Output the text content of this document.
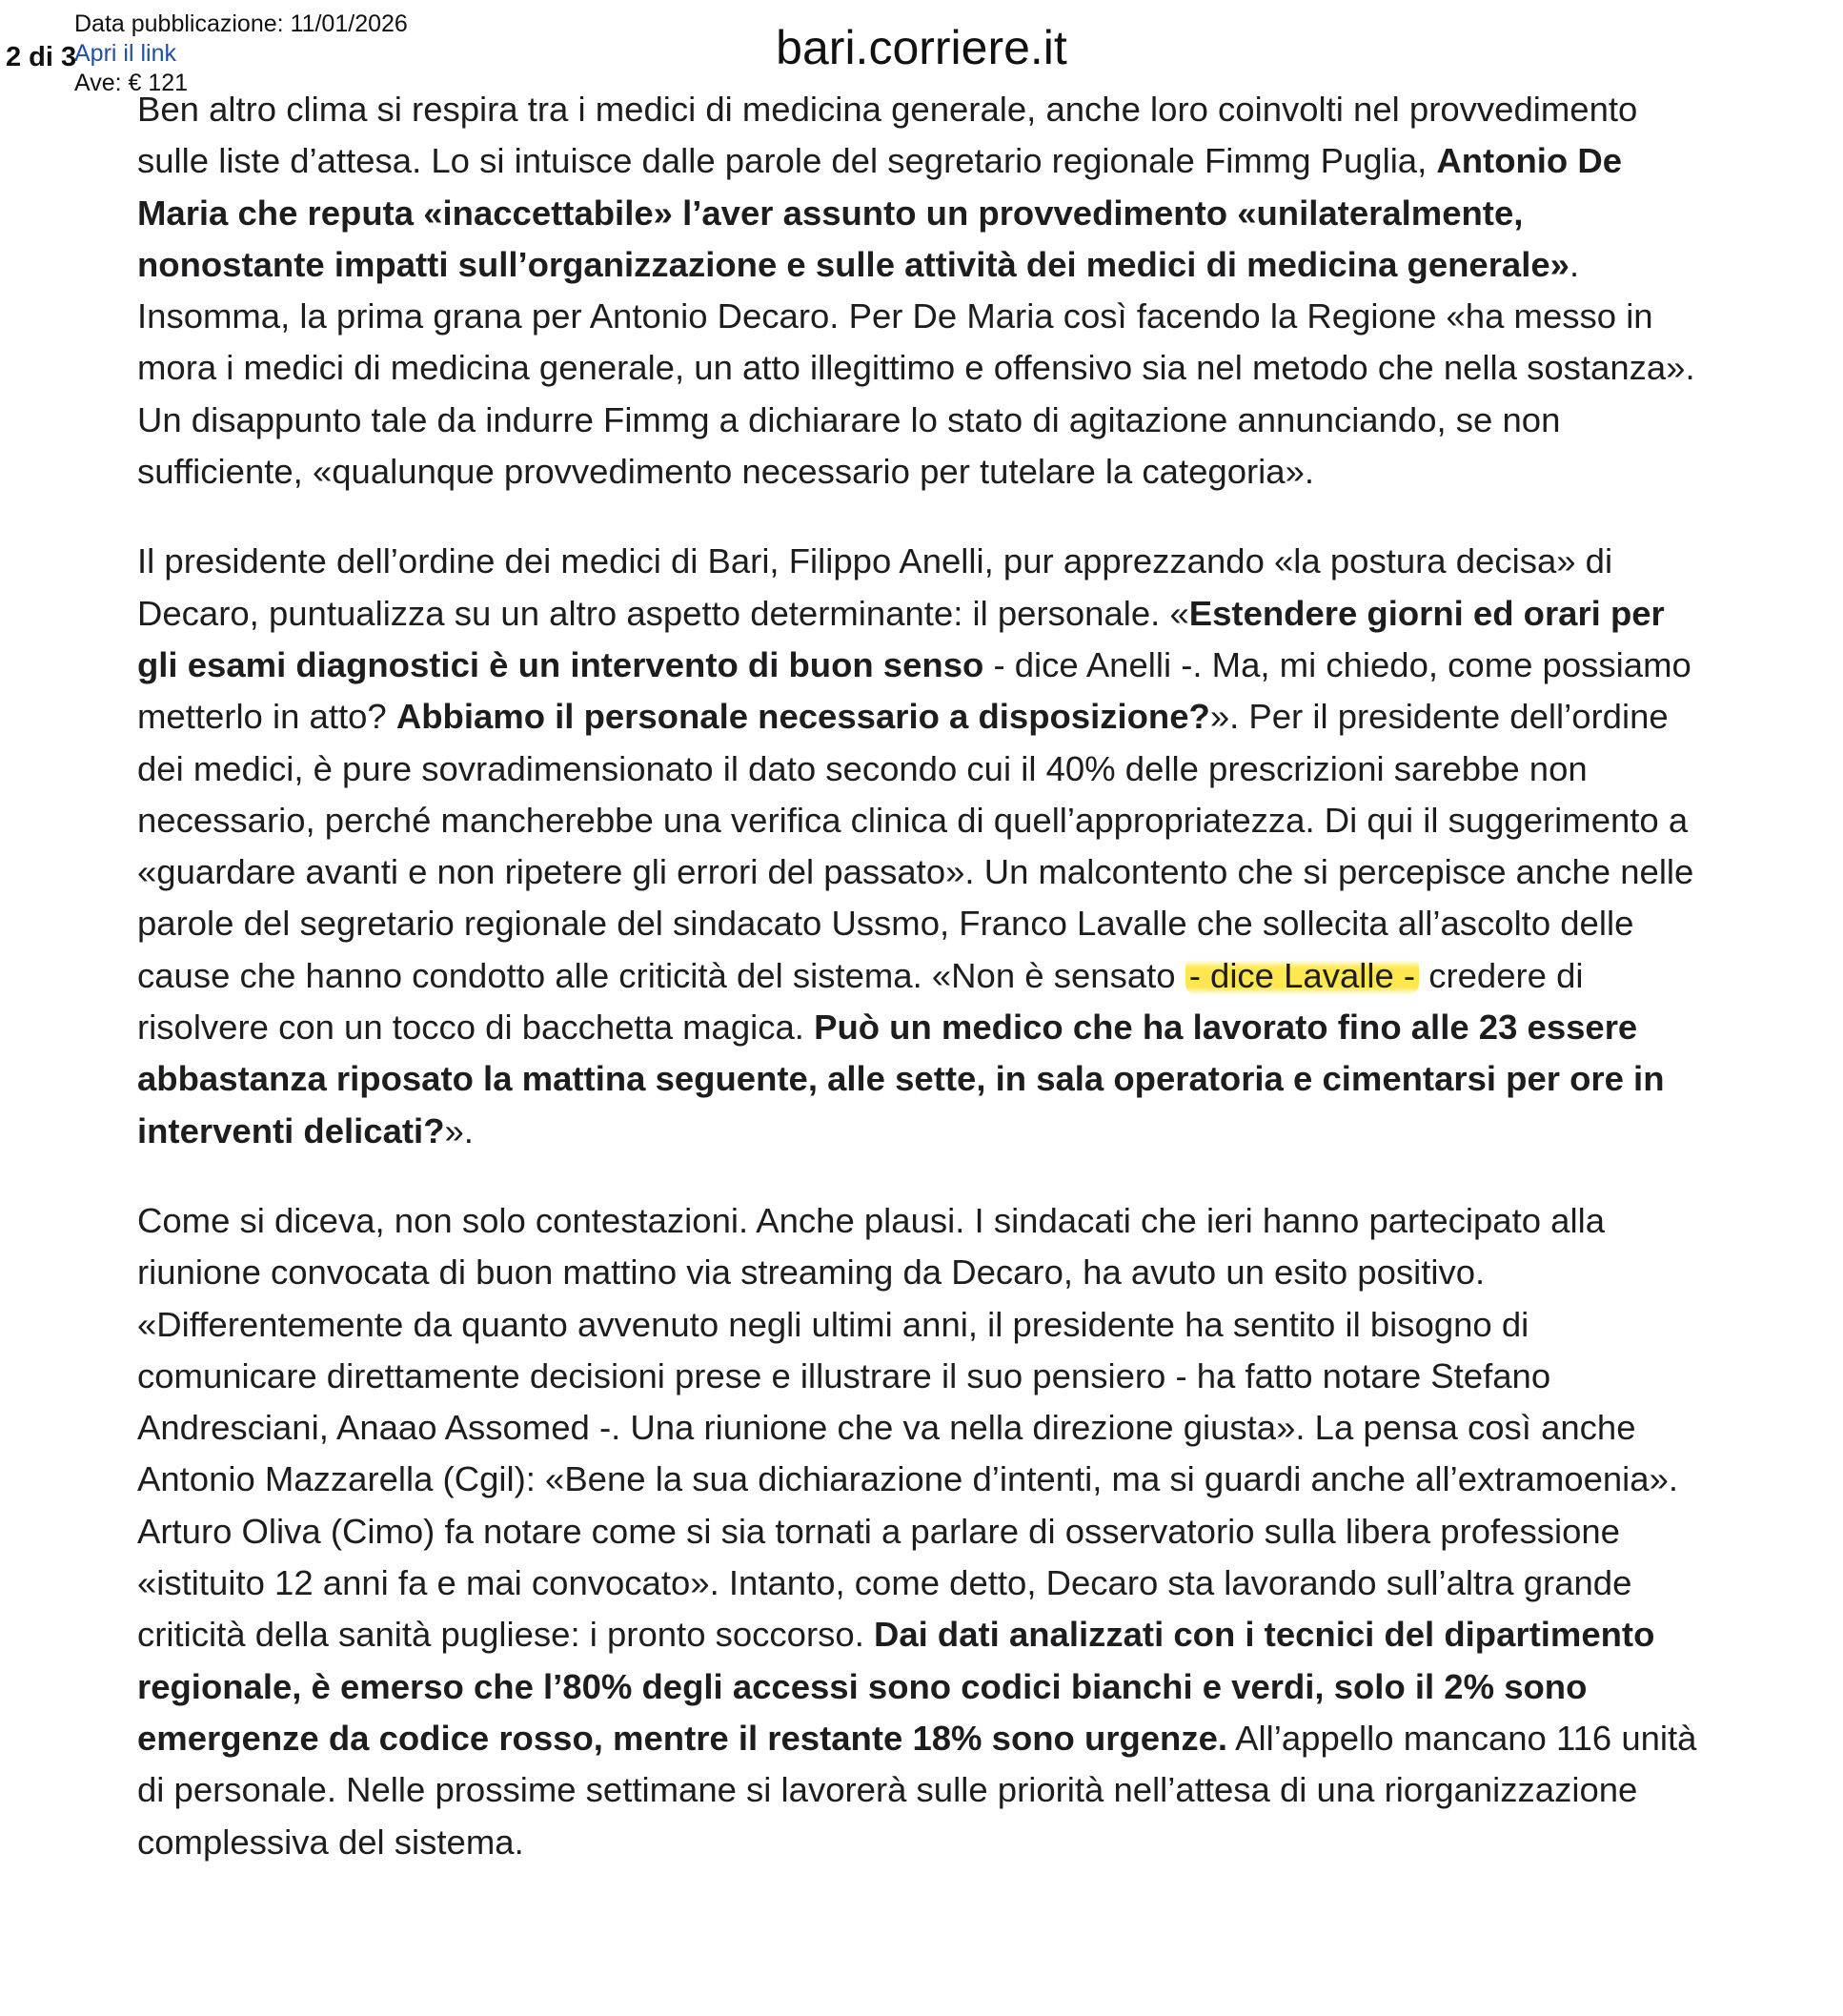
Data pubblicazione: 11/01/2026
Apri il link
Ave: € 121
2 di 3	bari.corriere.it

Ben altro clima si respira tra i medici di medicina generale, anche loro coinvolti nel provvedimento sulle liste d’attesa. Lo si intuisce dalle parole del segretario regionale Fimmg Puglia, Antonio De Maria che reputa «inaccettabile» l’aver assunto un provvedimento «unilateralmente, nonostante impatti sull’organizzazione e sulle attività dei medici di medicina generale». Insomma, la prima grana per Antonio Decaro. Per De Maria così facendo la Regione «ha messo in mora i medici di medicina generale, un atto illegittimo e offensivo sia nel metodo che nella sostanza». Un disappunto tale da indurre Fimmg a dichiarare lo stato di agitazione annunciando, se non sufficiente, «qualunque provvedimento necessario per tutelare la categoria».

Il presidente dell’ordine dei medici di Bari, Filippo Anelli, pur apprezzando «la postura decisa» di Decaro, puntualizza su un altro aspetto determinante: il personale. «Estendere giorni ed orari per gli esami diagnostici è un intervento di buon senso - dice Anelli -. Ma, mi chiedo, come possiamo metterlo in atto? Abbiamo il personale necessario a disposizione?». Per il presidente dell’ordine dei medici, è pure sovradimensionato il dato secondo cui il 40% delle prescrizioni sarebbe non necessario, perché mancherebbe una verifica clinica di quell’appropriatezza. Di qui il suggerimento a «guardare avanti e non ripetere gli errori del passato». Un malcontento che si percepisce anche nelle parole del segretario regionale del sindacato Ussmo, Franco Lavalle che sollecita all’ascolto delle cause che hanno condotto alle criticità del sistema. «Non è sensato - dice Lavalle - credere di risolvere con un tocco di bacchetta magica. Può un medico che ha lavorato fino alle 23 essere abbastanza riposato la mattina seguente, alle sette, in sala operatoria e cimentarsi per ore in interventi delicati?».

Come si diceva, non solo contestazioni. Anche plausi. I sindacati che ieri hanno partecipato alla riunione convocata di buon mattino via streaming da Decaro, ha avuto un esito positivo. «Differentemente da quanto avvenuto negli ultimi anni, il presidente ha sentito il bisogno di comunicare direttamente decisioni prese e illustrare il suo pensiero - ha fatto notare Stefano Andresciani, Anaao Assomed -. Una riunione che va nella direzione giusta». La pensa così anche Antonio Mazzarella (Cgil): «Bene la sua dichiarazione d’intenti, ma si guardi anche all’extramoenia». Arturo Oliva (Cimo) fa notare come si sia tornati a parlare di osservatorio sulla libera professione «istituito 12 anni fa e mai convocato». Intanto, come detto, Decaro sta lavorando sull’altra grande criticità della sanità pugliese: i pronto soccorso. Dai dati analizzati con i tecnici del dipartimento regionale, è emerso che l’80% degli accessi sono codici bianchi e verdi, solo il 2% sono emergenze da codice rosso, mentre il restante 18% sono urgenze. All’appello mancano 116 unità di personale. Nelle prossime settimane si lavorerà sulle priorità nell’attesa di una riorganizzazione complessiva del sistema.
